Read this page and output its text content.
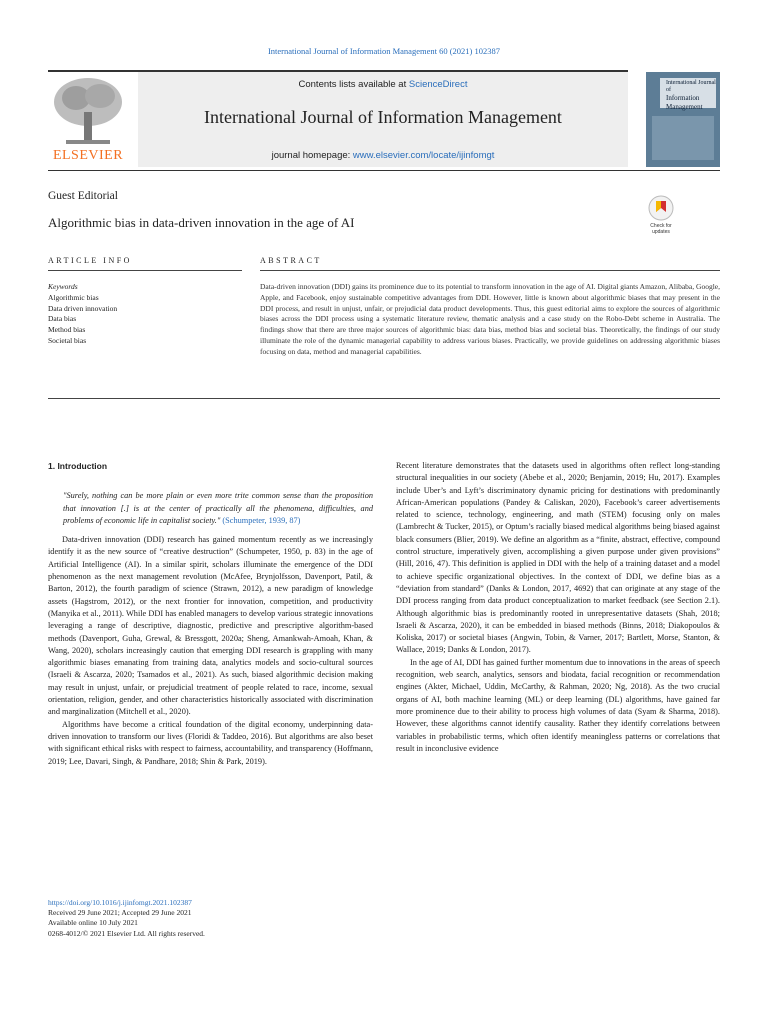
International Journal of Information Management 60 (2021) 102387
ELSEVIER
Contents lists available at ScienceDirect
International Journal of Information Management
journal homepage: www.elsevier.com/locate/ijinfomgt
International Journal of
Information Management
Guest Editorial
Algorithmic bias in data-driven innovation in the age of AI	Check for updates
ARTICLE INFO	ABSTRACT
Keywords
Algorithmic bias
Data driven innovation
Data bias
Method bias
Societal bias
Data-driven innovation (DDI) gains its prominence due to its potential to transform innovation in the age of AI. Digital giants Amazon, Alibaba, Google, Apple, and Facebook, enjoy sustainable competitive advantages from DDI. However, little is known about algorithmic biases that may present in the DDI process, and result in unjust, unfair, or prejudicial data product developments. Thus, this guest editorial aims to explore the sources of algorithmic biases across the DDI process using a systematic literature review, thematic analysis and a case study on the Robo-Debt scheme in Australia. The findings show that there are three major sources of algorithmic bias: data bias, method bias and societal bias. Theoretically, the findings of our study illuminate the role of the dynamic managerial capability to address various biases. Practically, we provide guidelines on addressing algorithmic biases focusing on data, method and managerial capabilities.
1. Introduction

"Surely, nothing can be more plain or even more trite common sense than the proposition that innovation [.] is at the center of practically all the phenomena, difficulties, and problems of economic life in capitalist society." (Schumpeter, 1939, 87)

Data-driven innovation (DDI) research has gained momentum recently as we increasingly identify it as the new source of “creative destruction” (Schumpeter, 1950, p. 83) in the age of Artificial Intelligence (AI). In a similar spirit, scholars illuminate the emergence of the DDI phenomenon as the next management revolution (McAfee, Brynjolfsson, Davenport, Patil, & Barton, 2012), the fourth paradigm of science (Strawn, 2012), a new paradigm of knowledge assets (Hagstrom, 2012), or the next frontier for innovation, competition, and productivity (Manyika et al., 2011). While DDI has enabled managers to develop various strategic innovations leveraging a range of descriptive, diagnostic, predictive and prescriptive algorithm-based methods (Davenport, Guha, Grewal, & Bressgott, 2020a; Sheng, Amankwah-Amoah, Khan, & Wang, 2020), scholars increasingly caution that emerging DDI research is grappling with many algorithmic biases emanating from training data, analytics models and socio-cultural sources (Israeli & Ascarza, 2020; Tsamados et al., 2021). As such, biased algorithmic decision making may result in unjust, unfair, or prejudicial treatment of people related to race, income, sexual orientation, religion, gender, and other characteristics historically associated with discrimination and marginalization (Mitchell et al., 2020).

Algorithms have become a critical foundation of the digital economy, underpinning data-driven innovation to transform our lives (Floridi & Taddeo, 2016). But algorithms are also beset with significant ethical risks with respect to fairness, accountability, and transparency (Hoffmann, 2019; Lee, Davari, Singh, & Pandhare, 2018; Shin & Park, 2019).

Recent literature demonstrates that the datasets used in algorithms often reflect long-standing structural inequalities in our society (Abebe et al., 2020; Benjamin, 2019; Hu, 2017). Examples include Uber’s and Lyft’s discriminatory dynamic pricing for destinations with predominantly African-American populations (Pandey & Caliskan, 2020), Facebook’s career advertisements related to science, technology, engineering, and math (STEM) focusing only on males (Lambrecht & Tucker, 2015), or Optum’s racially biased medical algorithms being biased against black consumers (Blier, 2019). We define an algorithm as a “finite, abstract, effective, compound control structure, imperatively given, accomplishing a given purpose under given provisions” (Hill, 2016, 47). This definition is applied in DDI with the help of a training dataset and a model to achieve specific organizational objectives. In the context of DDI, we define bias as a “deviation from standard” (Danks & London, 2017, 4692) that can originate at any stage of the DDI process ranging from data product conceptualization to market feedback (see Section 2.1). Although algorithmic bias is predominantly rooted in unrepresentative datasets (Shah, 2018; Israeli & Ascarza, 2020), it can be embedded in biased methods (Binns, 2018; Diakopoulos & Koliska, 2017) or societal biases (Angwin, Tobin, & Varner, 2017; Bartlett, Morse, Stanton, & Wallace, 2019; Danks & London, 2017).

In the age of AI, DDI has gained further momentum due to innovations in the areas of speech recognition, web search, analytics, sensors and biodata, facial recognition or recommendation engines (Akter, Michael, Uddin, McCarthy, & Rahman, 2020; Ng, 2018). As the two crucial organs of AI, both machine learning (ML) or deep learning (DL) algorithms, have gained far more prominence due to their ability to process high volumes of data (Syam & Sharma, 2018). However, these algorithms cannot identify causality. Rather they identify correlations between variables in probabilistic terms, which often identify meaningless patterns or correlations that result in inconclusive evidence

https://doi.org/10.1016/j.ijinfomgt.2021.102387
Received 29 June 2021; Accepted 29 June 2021
Available online 10 July 2021
0268-4012/© 2021 Elsevier Ltd. All rights reserved.
